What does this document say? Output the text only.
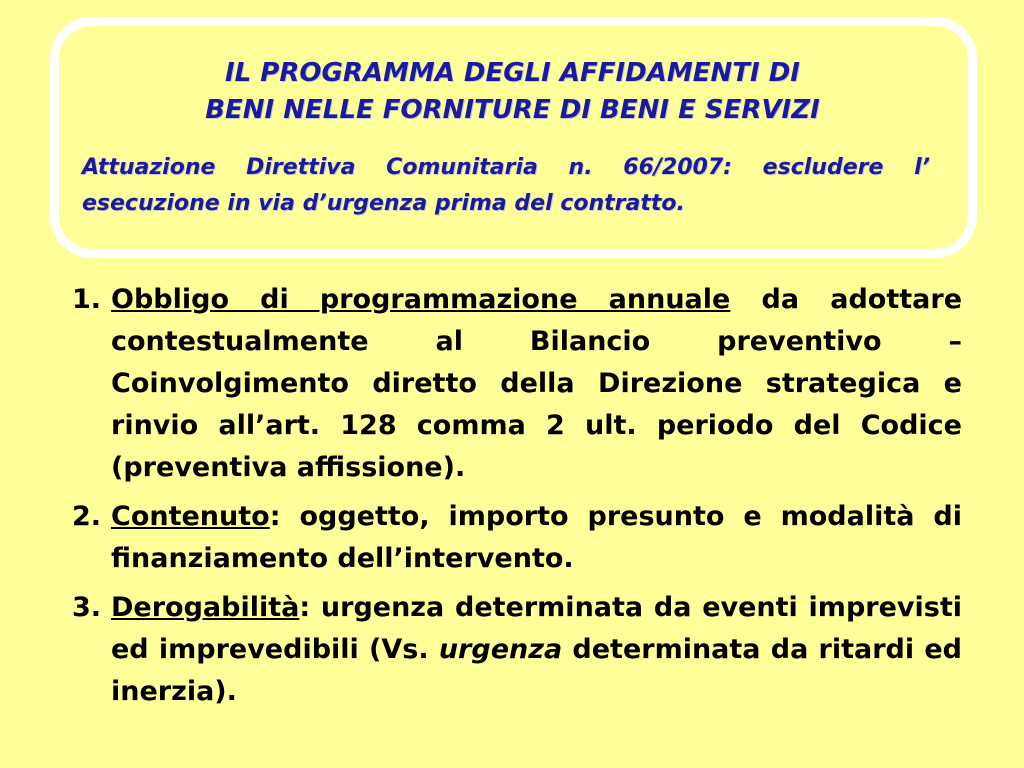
IL PROGRAMMA DEGLI AFFIDAMENTI DI
BENI NELLE FORNITURE DI BENI E SERVIZI

Attuazione Direttiva Comunitaria n. 66/2007: escludere l’ esecuzione in via d’urgenza prima del contratto.

1. Obbligo di programmazione annuale da adottare contestualmente al Bilancio preventivo – Coinvolgimento diretto della Direzione strategica e rinvio all’art. 128 comma 2 ult. periodo del Codice (preventiva affissione).
2. Contenuto: oggetto, importo presunto e modalità di finanziamento dell’intervento.
3. Derogabilità: urgenza determinata da eventi imprevisti ed imprevedibili (Vs. urgenza determinata da ritardi ed inerzia).
